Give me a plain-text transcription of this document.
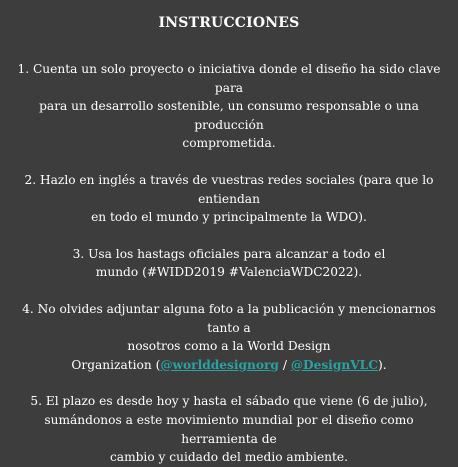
INSTRUCCIONES
1. Cuenta un solo proyecto o iniciativa donde el diseño ha sido clave para
para un desarrollo sostenible, un consumo responsable o una producción
comprometida.
2. Hazlo en inglés a través de vuestras redes sociales (para que lo entiendan
en todo el mundo y principalmente la WDO).
3. Usa los hastags oficiales para alcanzar a todo el
mundo (#WIDD2019 #ValenciaWDC2022).
4. No olvides adjuntar alguna foto a la publicación y mencionarnos tanto a
nosotros como a la World Design
Organization (@worlddesignorg / @DesignVLC).
5. El plazo es desde hoy y hasta el sábado que viene (6 de julio),
sumándonos a este movimiento mundial por el diseño como herramienta de
cambio y cuidado del medio ambiente.
